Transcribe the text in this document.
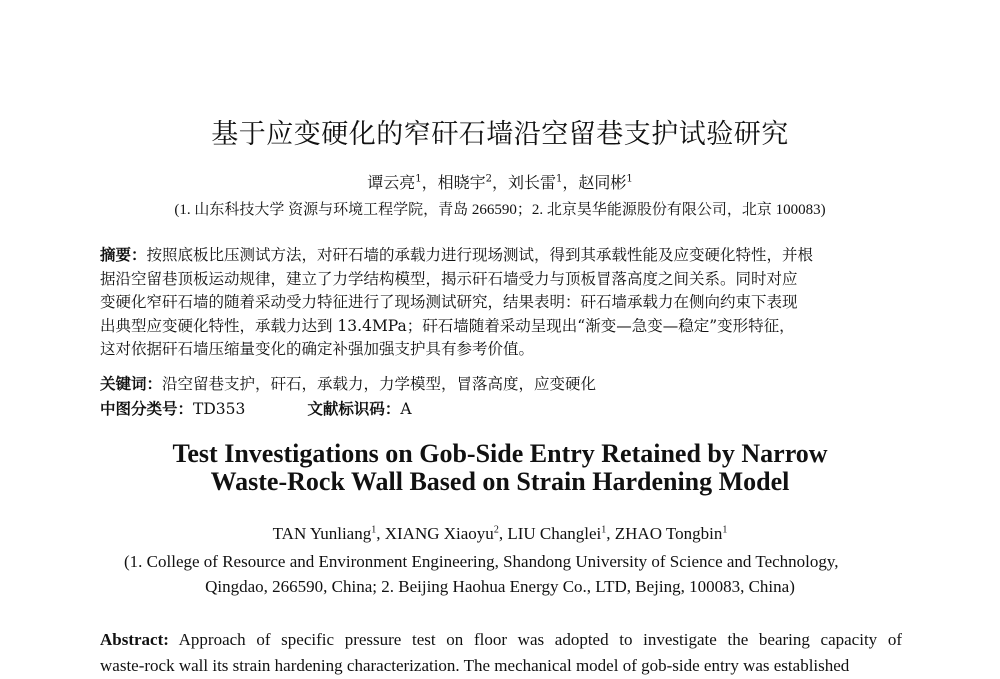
基于应变硬化的窄矸石墙沿空留巷支护试验研究
谭云亮$^1$，相晓宇$^2$，刘长雷$^1$，赵同彬$^1$
(1. 山东科技大学 资源与环境工程学院，青岛 266590；2. 北京昊华能源股份有限公司，北京 100083)
摘要：按照底板比压测试方法，对矸石墙的承载力进行现场测试，得到其承载性能及应变硬化特性，并根
据沿空留巷顶板运动规律，建立了力学结构模型，揭示矸石墙受力与顶板冒落高度之间关系。同时对应
变硬化窄矸石墙的随着采动受力特征进行了现场测试研究，结果表明：矸石墙承载力在侧向约束下表现
出典型应变硬化特性，承载力达到 13.4MPa；矸石墙随着采动呈现出“渐变—急变—稳定”变形特征，
这对依据矸石墙压缩量变化的确定补强加强支护具有参考价值。
关键词：沿空留巷支护，矸石，承载力，力学模型，冒落高度，应变硬化
中图分类号：TD353	文献标识码：A
Test Investigations on Gob-Side Entry Retained by Narrow
Waste-Rock Wall Based on Strain Hardening Model
TAN Yunliang$^1$, XIANG Xiaoyu$^2$, LIU Changlei$^1$, ZHAO Tongbin$^1$
(1. College of Resource and Environment Engineering, Shandong University of Science and Technology,
Qingdao, 266590, China; 2. Beijing Haohua Energy Co., LTD, Bejing, 100083, China)
Abstract: Approach of specific pressure test on floor was adopted to investigate the bearing capacity of
waste-rock wall its strain hardening characterization. The mechanical model of gob-side entry was established
